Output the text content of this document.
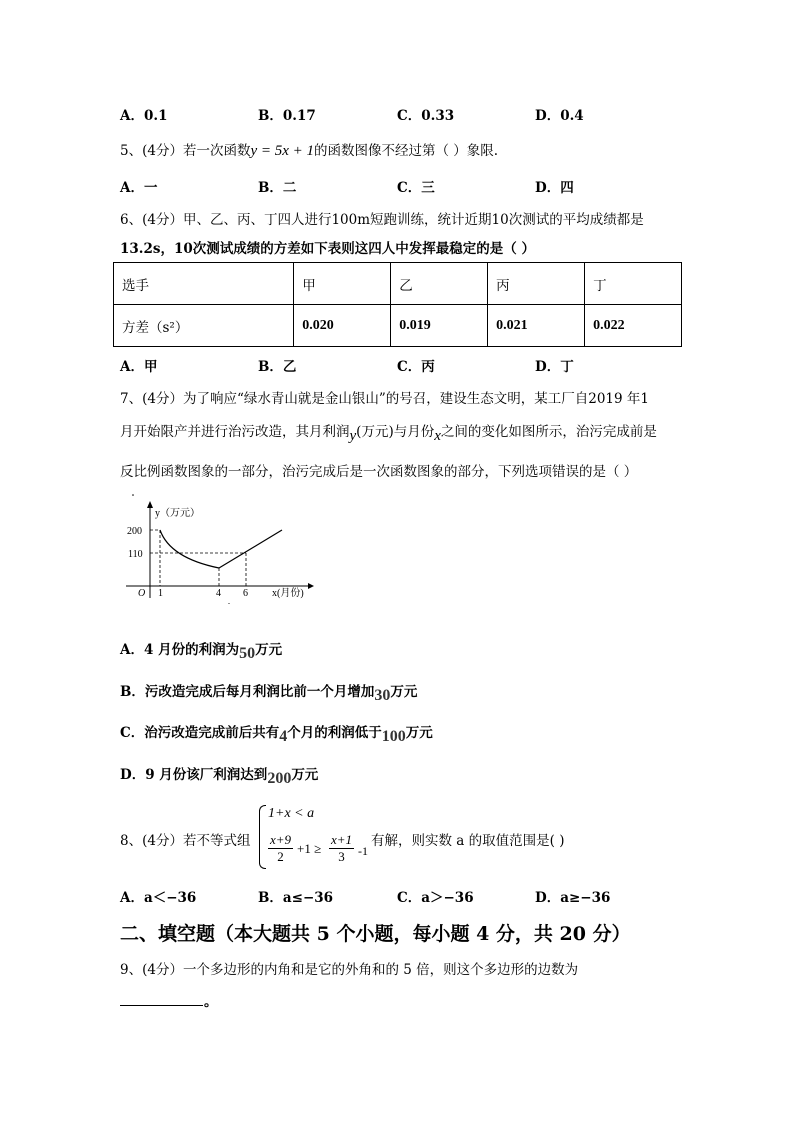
A．0.1	B．0.17	C．0.33	D．0.4
5、(4分）若一次函数y = 5x + 1的函数图像不经过第（ ）象限.
A．一	B．二	C．三	D．四
6、(4分）甲、乙、丙、丁四人进行100m短跑训练，统计近期10次测试的平均成绩都是
13.2s，10次测试成绩的方差如下表则这四人中发挥最稳定的是（ ）
选手	甲	乙	丙	丁
方差（s²）	0.020	0.019	0.021	0.022
A．甲	B．乙	C．丙	D．丁
7、(4分）为了响应“绿水青山就是金山银山”的号召，建设生态文明，某工厂自2019 年1
月开始限产并进行治污改造，其月利润y(万元)与月份x之间的变化如图所示，治污完成前是
反比例函数图象的一部分，治污完成后是一次函数图象的部分，下列选项错误的是（ ）
y（万元）
200
110
O 1	4 6 x(月份)
A．4 月份的利润为50万元
B．污改造完成后每月利润比前一个月增加30万元
C．治污改造完成前后共有4个月的利润低于100万元
D．9 月份该厂利润达到200万元
8、(4分）若不等式组
1+x < a
$\frac{x+9}{2} +1 \ge \frac{x+1}{3} -1$
有解，则实数 a 的取值范围是( )
A．a＜−36	B．a≤−36	C．a＞−36	D．a≥−36
二、填空题（本大题共 5 个小题，每小题 4 分，共 20 分）
9、(4分）一个多边形的内角和是它的外角和的 5 倍，则这个多边形的边数为
。
